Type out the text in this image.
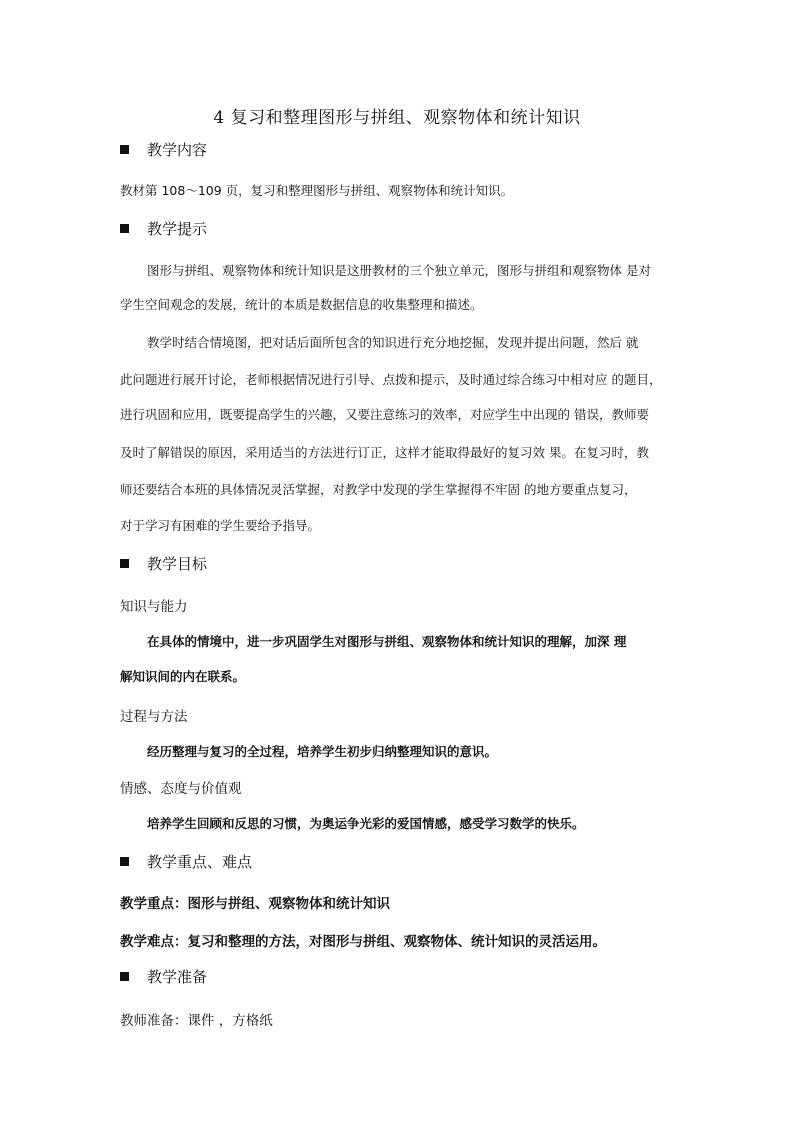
4 复习和整理图形与拼组、观察物体和统计知识
教学内容
教材第 108～109 页，复习和整理图形与拼组、观察物体和统计知识。
教学提示
图形与拼组、观察物体和统计知识是这册教材的三个独立单元，图形与拼组和观察物体 是对
学生空间观念的发展，统计的本质是数据信息的收集整理和描述。
教学时结合情境图，把对话后面所包含的知识进行充分地挖掘，发现并提出问题，然后 就
此问题进行展开讨论，老师根据情况进行引导、点拨和提示，及时通过综合练习中相对应 的题目，
进行巩固和应用，既要提高学生的兴趣，又要注意练习的效率，对应学生中出现的 错误，教师要
及时了解错误的原因，采用适当的方法进行订正，这样才能取得最好的复习效 果。在复习时，教
师还要结合本班的具体情况灵活掌握，对教学中发现的学生掌握得不牢固 的地方要重点复习，
对于学习有困难的学生要给予指导。
教学目标
知识与能力
在具体的情境中，进一步巩固学生对图形与拼组、观察物体和统计知识的理解，加深 理
解知识间的内在联系。
过程与方法
经历整理与复习的全过程，培养学生初步归纳整理知识的意识。
情感、态度与价值观
培养学生回顾和反思的习惯，为奥运争光彩的爱国情感，感受学习数学的快乐。
教学重点、难点
教学重点：图形与拼组、观察物体和统计知识
教学难点：复习和整理的方法，对图形与拼组、观察物体、统计知识的灵活运用。
教学准备
教师准备：课件 ，方格纸
